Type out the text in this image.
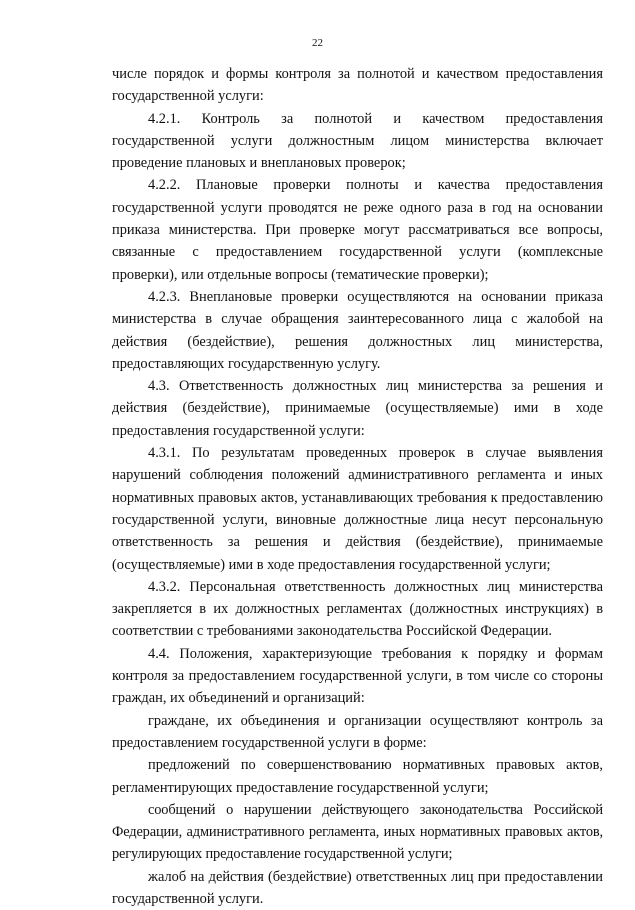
22

числе порядок и формы контроля за полнотой и качеством предоставления государственной услуги:

4.2.1. Контроль за полнотой и качеством предоставления государственной услуги должностным лицом министерства включает проведение плановых и внеплановых проверок;

4.2.2. Плановые проверки полноты и качества предоставления государственной услуги проводятся не реже одного раза в год на основании приказа министерства. При проверке могут рассматриваться все вопросы, связанные с предоставлением государственной услуги (комплексные проверки), или отдельные вопросы (тематические проверки);

4.2.3. Внеплановые проверки осуществляются на основании приказа министерства в случае обращения заинтересованного лица с жалобой на действия (бездействие), решения должностных лиц министерства, предоставляющих государственную услугу.

4.3. Ответственность должностных лиц министерства за решения и действия (бездействие), принимаемые (осуществляемые) ими в ходе предоставления государственной услуги:

4.3.1. По результатам проведенных проверок в случае выявления нарушений соблюдения положений административного регламента и иных нормативных правовых актов, устанавливающих требования к предоставлению государственной услуги, виновные должностные лица несут персональную ответственность за решения и действия (бездействие), принимаемые (осуществляемые) ими в ходе предоставления государственной услуги;

4.3.2. Персональная ответственность должностных лиц министерства закрепляется в их должностных регламентах (должностных инструкциях) в соответствии с требованиями законодательства Российской Федерации.

4.4. Положения, характеризующие требования к порядку и формам контроля за предоставлением государственной услуги, в том числе со стороны граждан, их объединений и организаций:

граждане, их объединения и организации осуществляют контроль за предоставлением государственной услуги в форме:

предложений по совершенствованию нормативных правовых актов, регламентирующих предоставление государственной услуги;

сообщений о нарушении действующего законодательства Российской Федерации, административного регламента, иных нормативных правовых актов, регулирующих предоставление государственной услуги;

жалоб на действия (бездействие) ответственных лиц при предоставлении государственной услуги.
